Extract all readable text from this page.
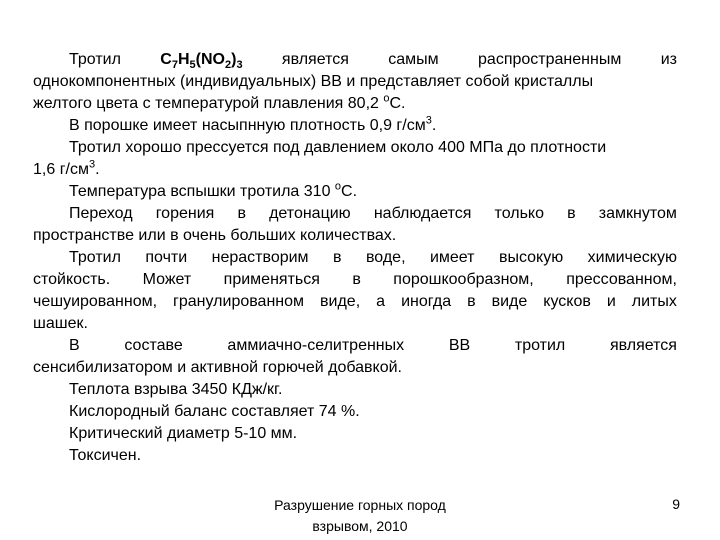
Тротил $C_7H_5(NO_2)_3$ является самым распространенным из
однокомпонентных (индивидуальных) ВВ и представляет собой кристаллы
желтого цвета с температурой плавления 80,2 $^о$С.
В порошке имеет насыпнную плотность 0,9 $г/см^3$.
Тротил хорошо прессуется под давлением около 400 МПа до плотности
1,6 $г/см^3$.
Температура вспышки тротила 310 $^о$С.
Переход горения в детонацию наблюдается только в замкнутом
пространстве или в очень больших количествах.
Тротил почти нерастворим в воде, имеет высокую химическую
стойкость. Может применяться в порошкообразном, прессованном,
чешуированном, гранулированном виде, а иногда в виде кусков и литых
шашек.
В	составе	аммиачно-селитренных	ВВ	тротил	является
сенсибилизатором и активной горючей добавкой.
Теплота взрыва 3450 КДж/кг.
Кислородный баланс составляет 74 %.
Критический диаметр 5-10 мм.
Токсичен.
Разрушение горных пород
взрывом, 2010
9
